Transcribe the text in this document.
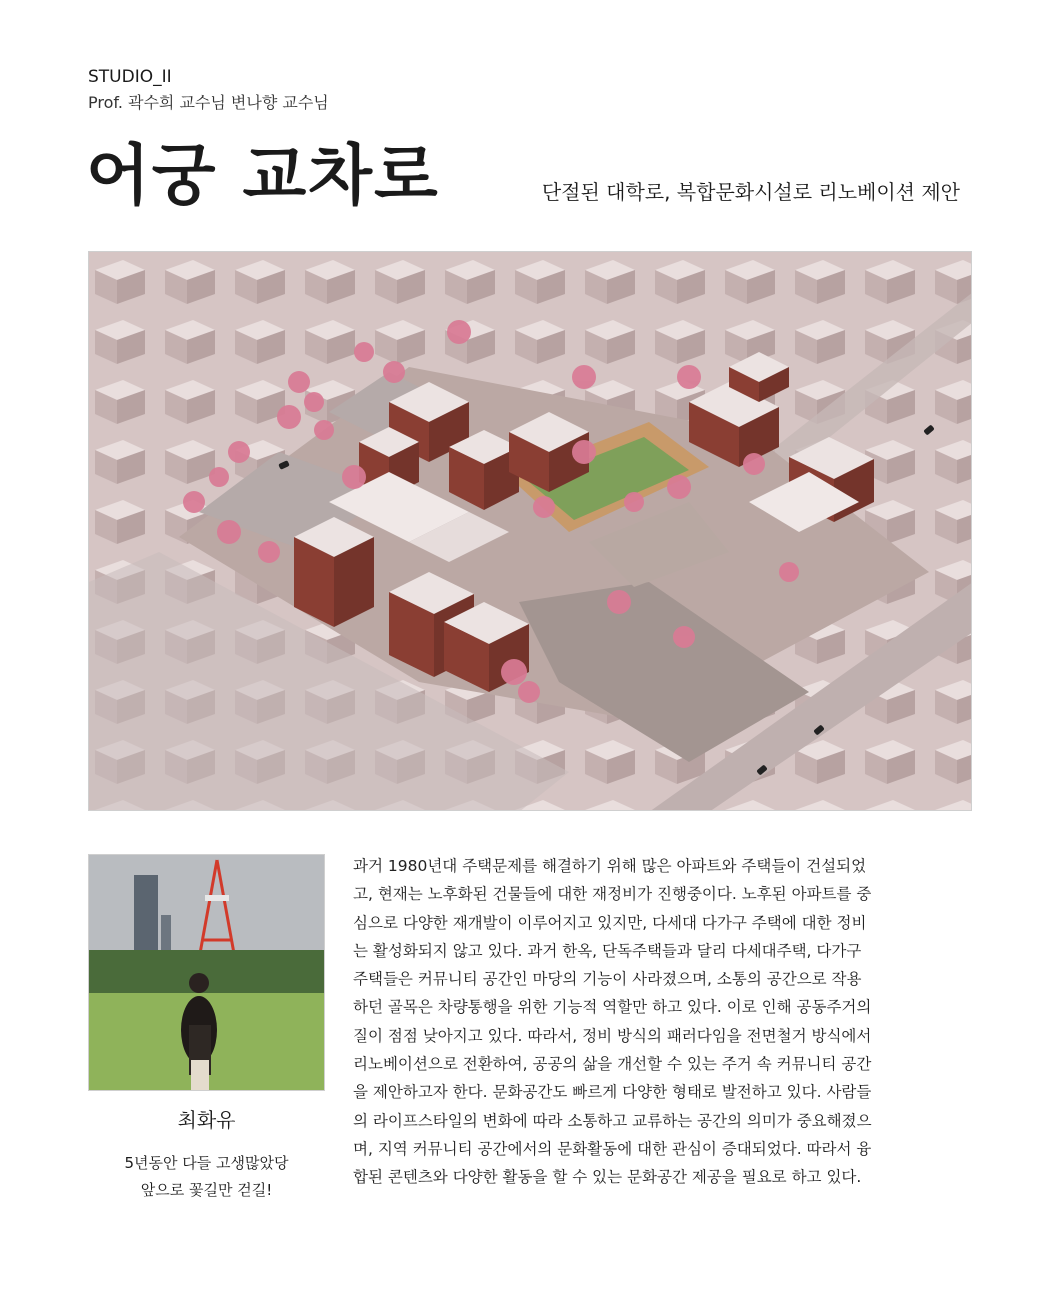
STUDIO_II
Prof. 곽수희 교수님 변나향 교수님
어궁 교차로	단절된 대학로, 복합문화시설로 리노베이션 제안
최화유
5년동안 다들 고생많았당
앞으로 꽃길만 걷길!
과거 1980년대 주택문제를 해결하기 위해 많은 아파트와 주택들이 건설되었
고, 현재는 노후화된 건물들에 대한 재정비가 진행중이다. 노후된 아파트를 중
심으로 다양한 재개발이 이루어지고 있지만, 다세대 다가구 주택에 대한 정비
는 활성화되지 않고 있다. 과거 한옥, 단독주택들과 달리 다세대주택, 다가구
주택들은 커뮤니티 공간인 마당의 기능이 사라졌으며, 소통의 공간으로 작용
하던 골목은 차량통행을 위한 기능적 역할만 하고 있다. 이로 인해 공동주거의
질이 점점 낮아지고 있다. 따라서, 정비 방식의 패러다임을 전면철거 방식에서
리노베이션으로 전환하여, 공공의 삶을 개선할 수 있는 주거 속 커뮤니티 공간
을 제안하고자 한다. 문화공간도 빠르게 다양한 형태로 발전하고 있다. 사람들
의 라이프스타일의 변화에 따라 소통하고 교류하는 공간의 의미가 중요해졌으
며, 지역 커뮤니티 공간에서의 문화활동에 대한 관심이 증대되었다. 따라서 융
합된 콘텐츠와 다양한 활동을 할 수 있는 문화공간 제공을 필요로 하고 있다.
